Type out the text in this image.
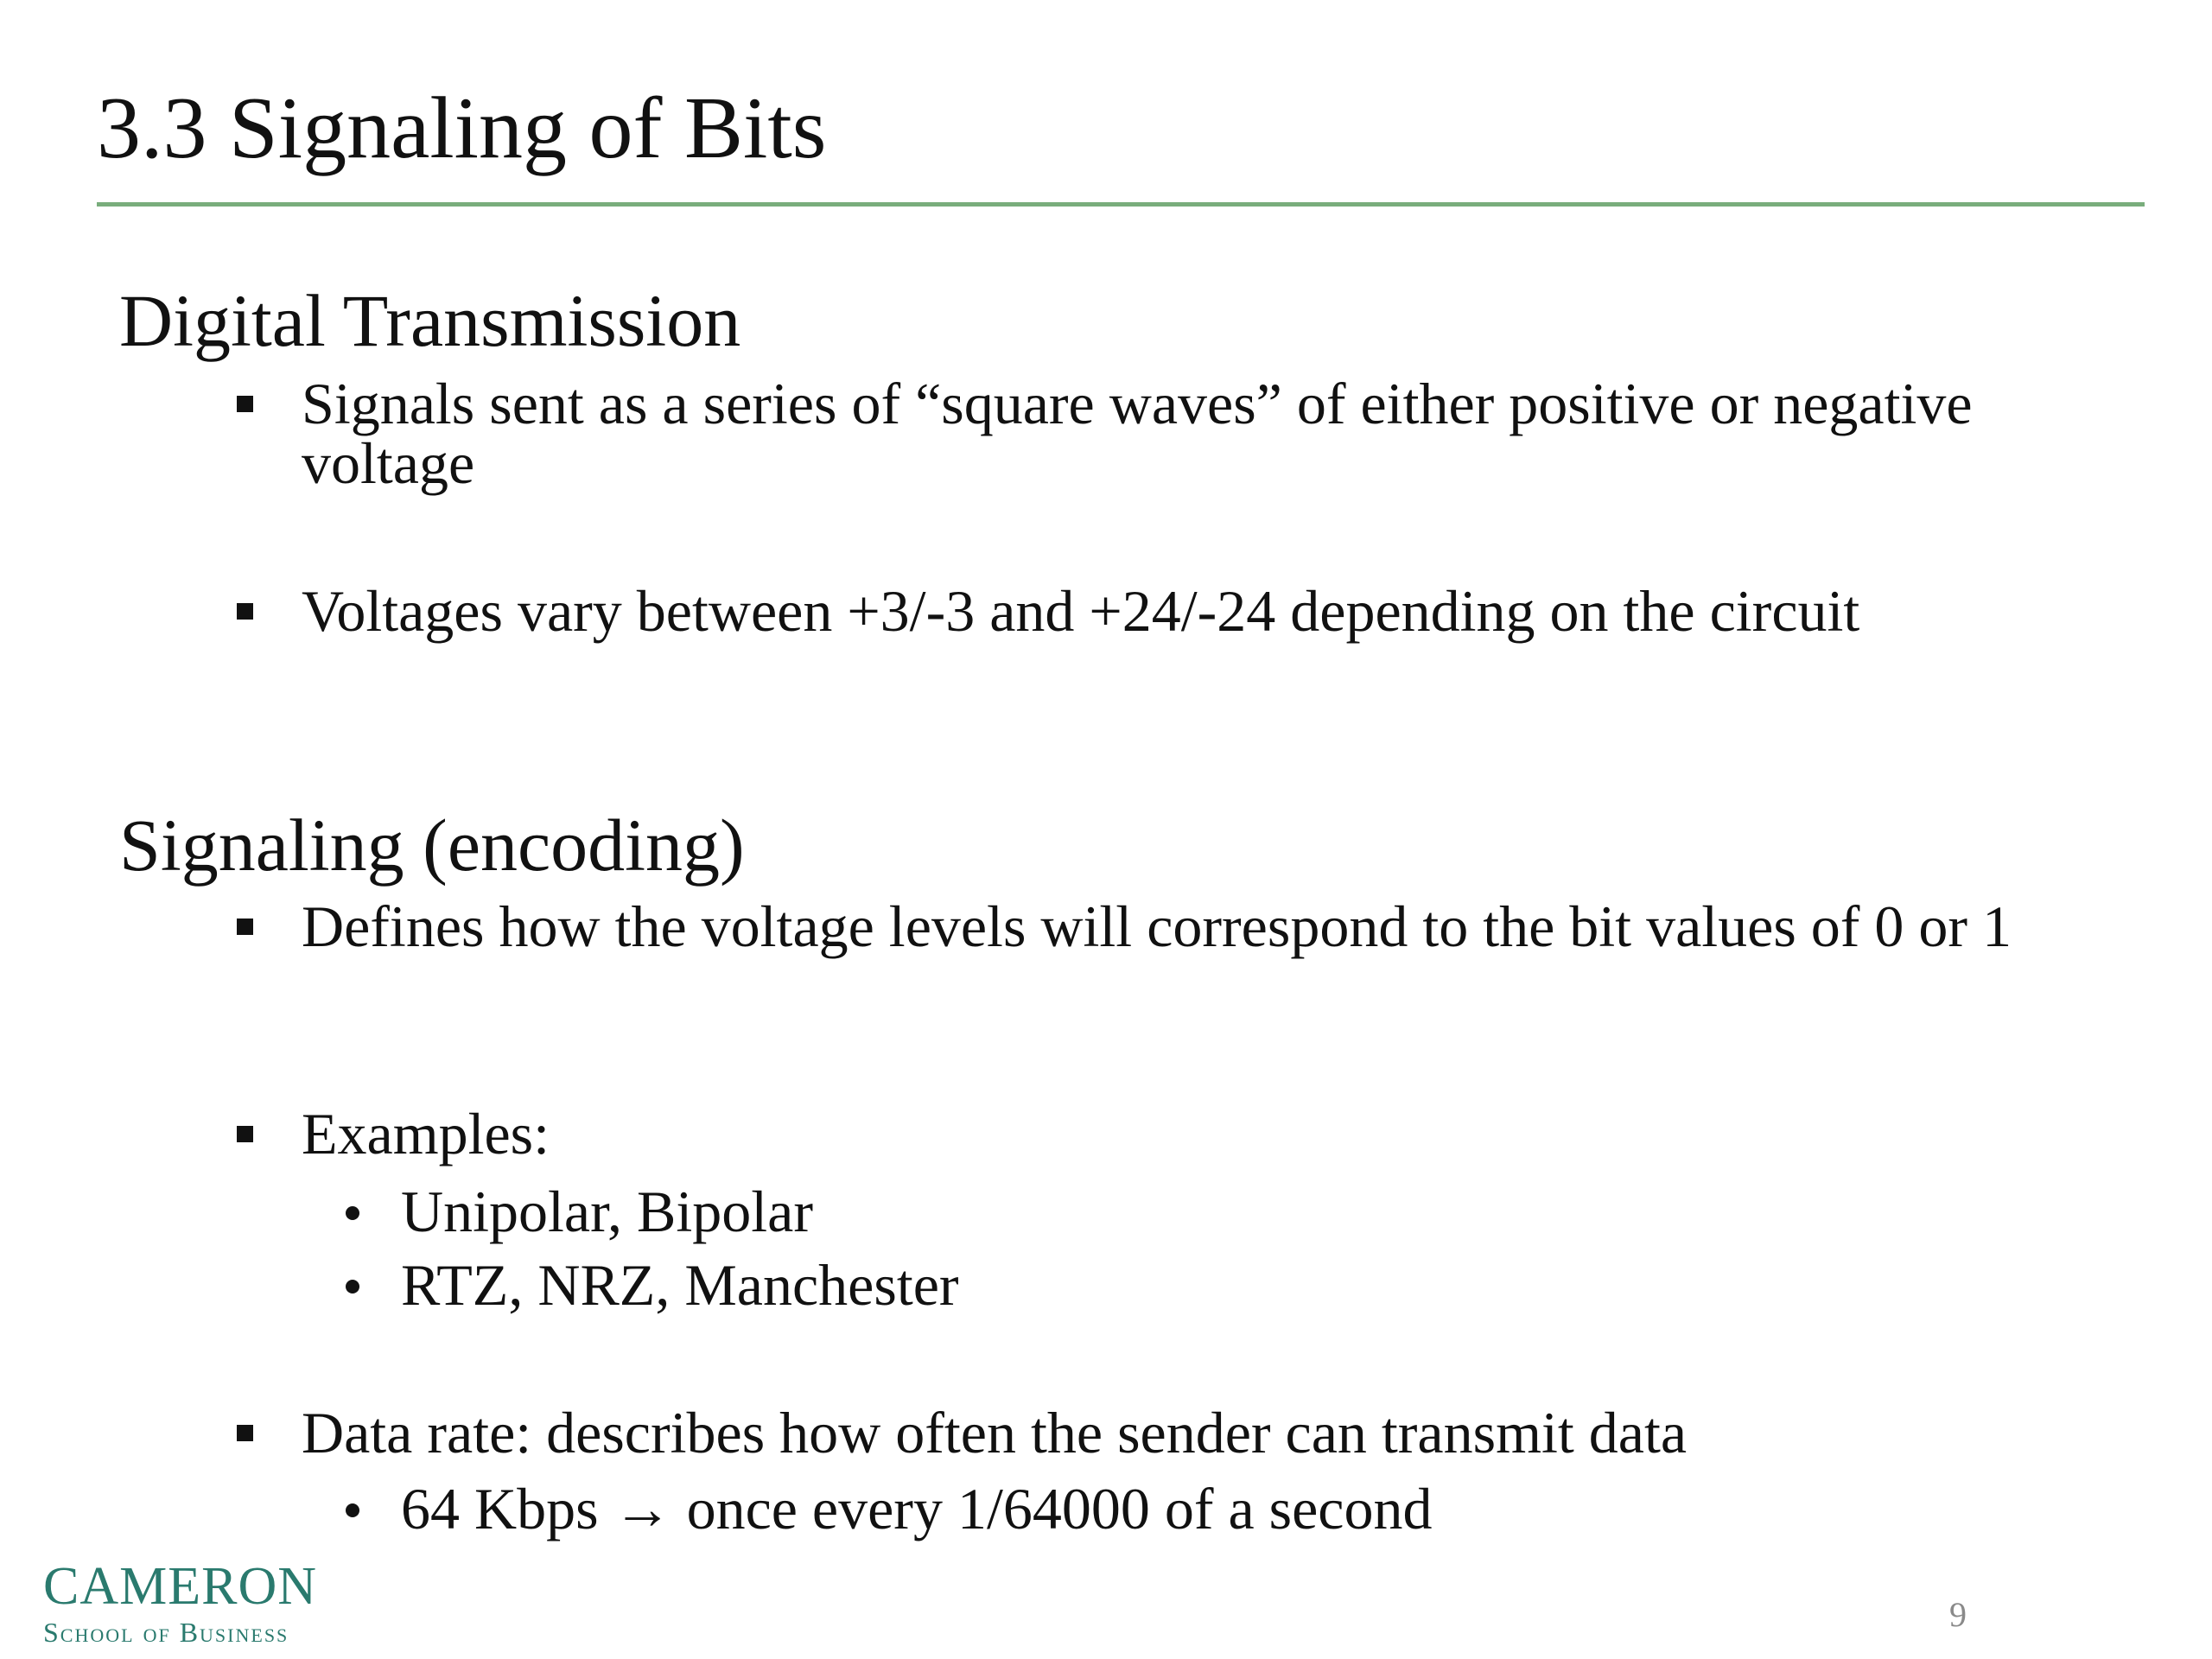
3.3 Signaling of Bits
Digital Transmission
Signals sent as a series of “square waves” of either positive or negative voltage
Voltages vary between +3/-3 and +24/-24 depending on the circuit
Signaling (encoding)
Defines how the voltage levels will correspond to the bit values of 0 or 1
Examples:
Unipolar, Bipolar
RTZ, NRZ, Manchester
Data rate: describes how often the sender can transmit data
64 Kbps → once every 1/64000 of a second
CAMERON
School of Business	9
